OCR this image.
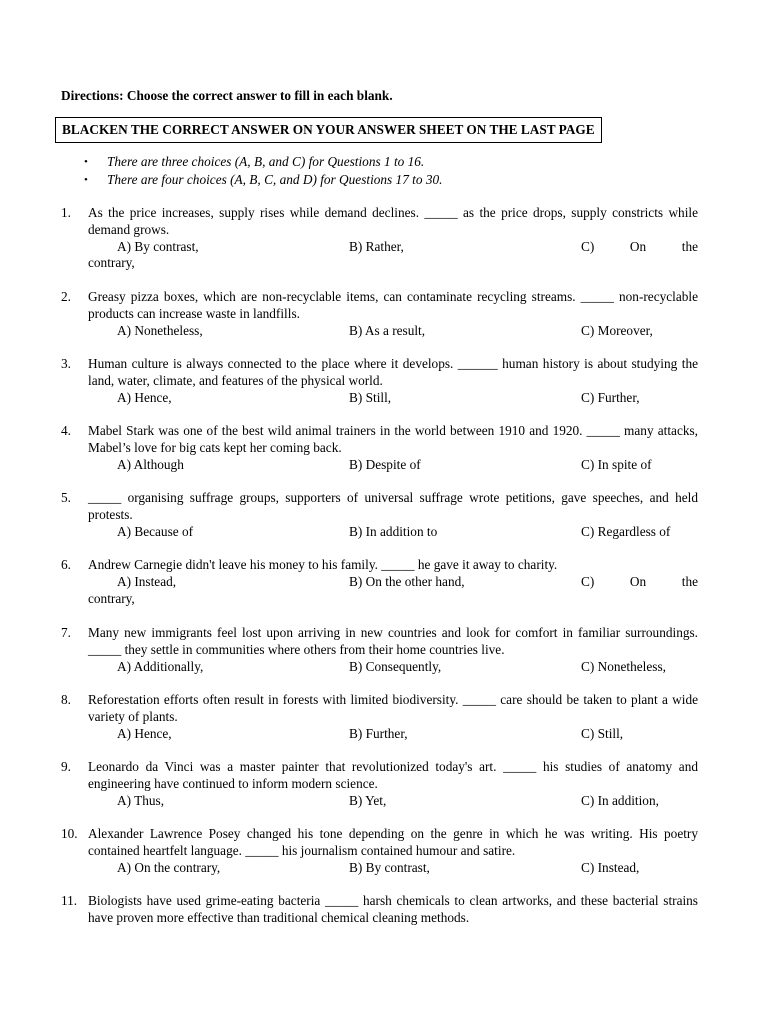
Directions: Choose the correct answer to fill in each blank.
BLACKEN THE CORRECT ANSWER ON YOUR ANSWER SHEET ON THE LAST PAGE
• There are three choices (A, B, and C) for Questions 1 to 16.
• There are four choices (A, B, C, and D) for Questions 17 to 30.
1. As the price increases, supply rises while demand declines. _____ as the price drops, supply constricts while demand grows.
A) By contrast,	B) Rather,	C)	On	the
contrary,
2. Greasy pizza boxes, which are non-recyclable items, can contaminate recycling streams. _____ non-recyclable products can increase waste in landfills.
A) Nonetheless,	B) As a result,	C) Moreover,
3. Human culture is always connected to the place where it develops. ______ human history is about studying the land, water, climate, and features of the physical world.
A) Hence,	B) Still,	C) Further,
4. Mabel Stark was one of the best wild animal trainers in the world between 1910 and 1920. _____ many attacks, Mabel’s love for big cats kept her coming back.
A) Although	B) Despite of	C) In spite of
5. _____ organising suffrage groups, supporters of universal suffrage wrote petitions, gave speeches, and held protests.
A) Because of	B) In addition to	C) Regardless of
6. Andrew Carnegie didn't leave his money to his family. _____ he gave it away to charity.
A) Instead,	B) On the other hand,	C)	On	the
contrary,
7. Many new immigrants feel lost upon arriving in new countries and look for comfort in familiar surroundings. _____ they settle in communities where others from their home countries live.
A) Additionally,	B) Consequently,	C) Nonetheless,
8. Reforestation efforts often result in forests with limited biodiversity. _____ care should be taken to plant a wide variety of plants.
A) Hence,	B) Further,	C) Still,
9. Leonardo da Vinci was a master painter that revolutionized today's art. _____ his studies of anatomy and engineering have continued to inform modern science.
A) Thus,	B) Yet,	C) In addition,
10. Alexander Lawrence Posey changed his tone depending on the genre in which he was writing. His poetry contained heartfelt language. _____ his journalism contained humour and satire.
A) On the contrary,	B) By contrast,	C) Instead,
11. Biologists have used grime-eating bacteria _____ harsh chemicals to clean artworks, and these bacterial strains have proven more effective than traditional chemical cleaning methods.
